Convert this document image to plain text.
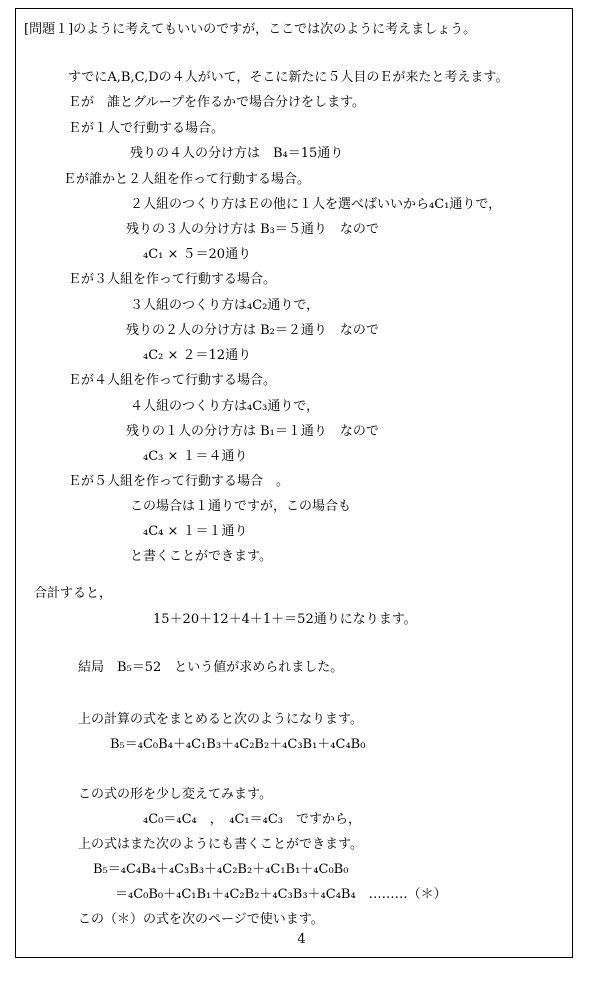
[問題１]のように考えてもいいのですが，ここでは次のように考えましょう。
すでにA,B,C,Dの４人がいて，そこに新たに５人目のＥが来たと考えます。
Ｅが　誰とグループを作るかで場合分けをします。
Ｅが１人で行動する場合。
残りの４人の分け方は　B₄＝15通り
Ｅが誰かと２人組を作って行動する場合。
２人組のつくり方はＥの他に１人を選べばいいから₄C₁通りで，
残りの３人の分け方は B₃＝５通り　なので
₄C₁ × ５＝20通り
Ｅが３人組を作って行動する場合。
３人組のつくり方は₄C₂通りで，
残りの２人の分け方は B₂＝２通り　なので
₄C₂ × ２＝12通り
Ｅが４人組を作って行動する場合。
４人組のつくり方は₄C₃通りで，
残りの１人の分け方は B₁＝１通り　なので
₄C₃ × １＝４通り
Ｅが５人組を作って行動する場合　。
この場合は１通りですが，この場合も
₄C₄ × １＝１通り
と書くことができます。
合計すると，
15＋20＋12＋4＋1＋＝52通りになります。
結局　B₅＝52　という値が求められました。
上の計算の式をまとめると次のようになります。
B₅＝₄C₀B₄＋₄C₁B₃＋₄C₂B₂＋₄C₃B₁＋₄C₄B₀
この式の形を少し変えてみます。
₄C₀＝₄C₄　，　₄C₁＝₄C₃　ですから，
上の式はまた次のようにも書くことができます。
B₅＝₄C₄B₄＋₄C₃B₃＋₄C₂B₂＋₄C₁B₁＋₄C₀B₀
＝₄C₀B₀＋₄C₁B₁＋₄C₂B₂＋₄C₃B₃＋₄C₄B₄　………（＊）
この（＊）の式を次のページで使います。
4
